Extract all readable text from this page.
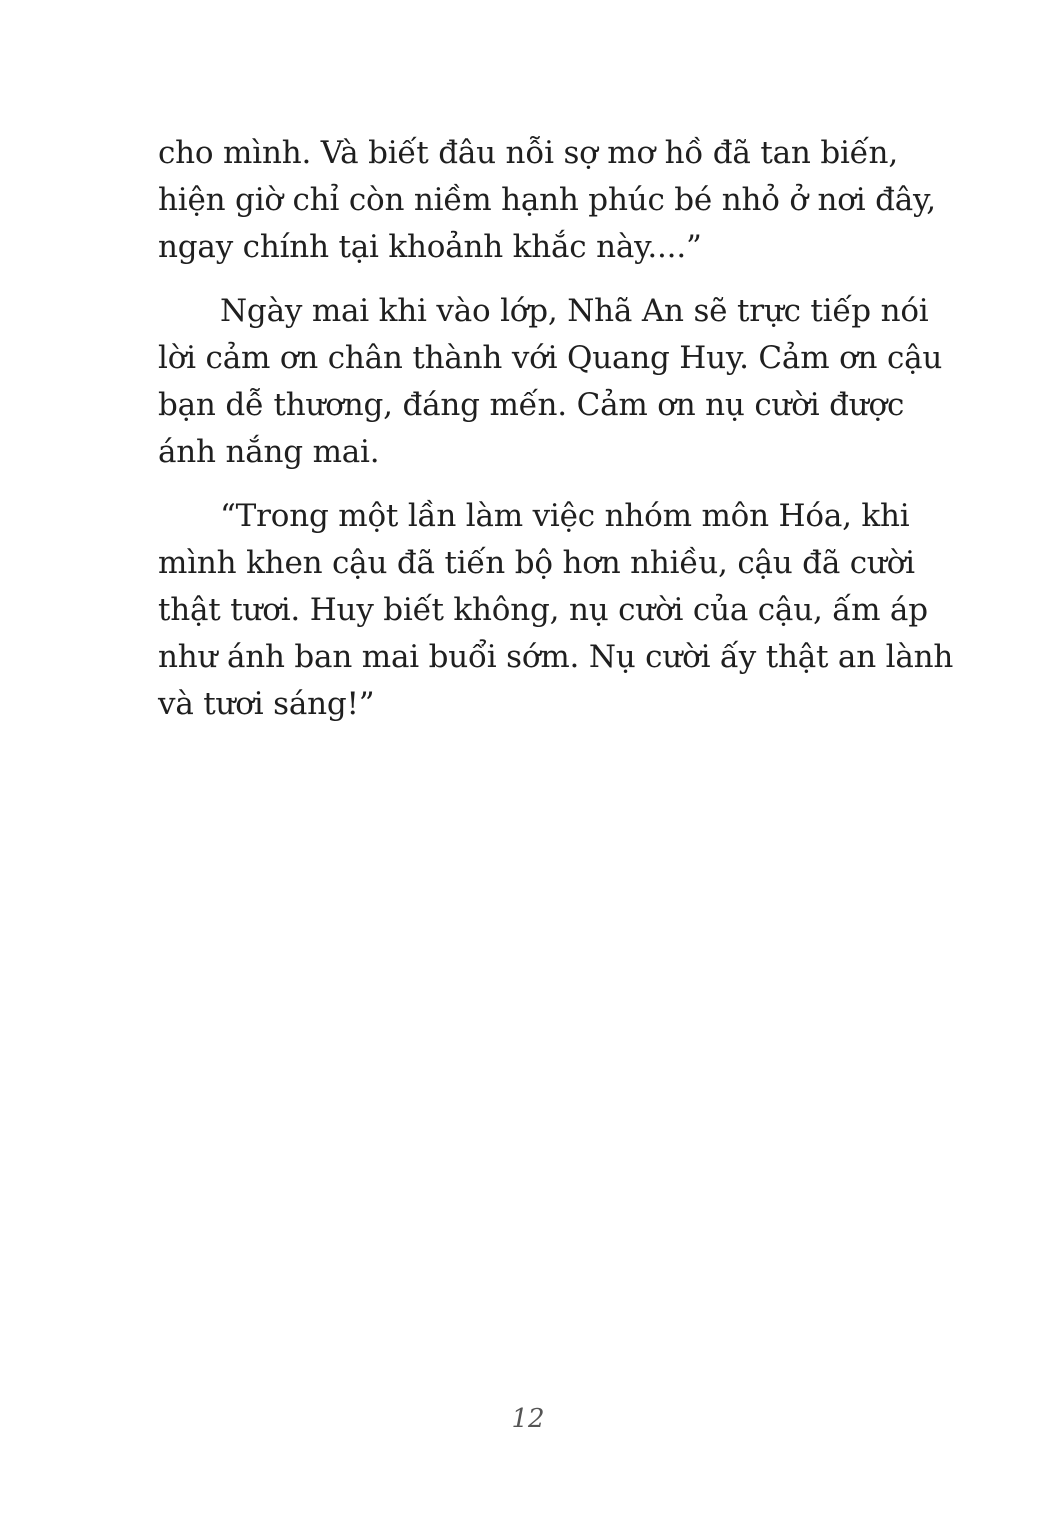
cho mình. Và biết đâu nỗi sợ mơ hồ đã tan biến,
hiện giờ chỉ còn niềm hạnh phúc bé nhỏ ở nơi đây,
ngay chính tại khoảnh khắc này....”
Ngày mai khi vào lớp, Nhã An sẽ trực tiếp nói
lời cảm ơn chân thành với Quang Huy. Cảm ơn cậu
bạn dễ thương, đáng mến. Cảm ơn nụ cười được
ánh nắng mai.
“Trong một lần làm việc nhóm môn Hóa, khi
mình khen cậu đã tiến bộ hơn nhiều, cậu đã cười
thật tươi. Huy biết không, nụ cười của cậu, ấm áp
như ánh ban mai buổi sớm. Nụ cười ấy thật an lành
và tươi sáng!”
12
